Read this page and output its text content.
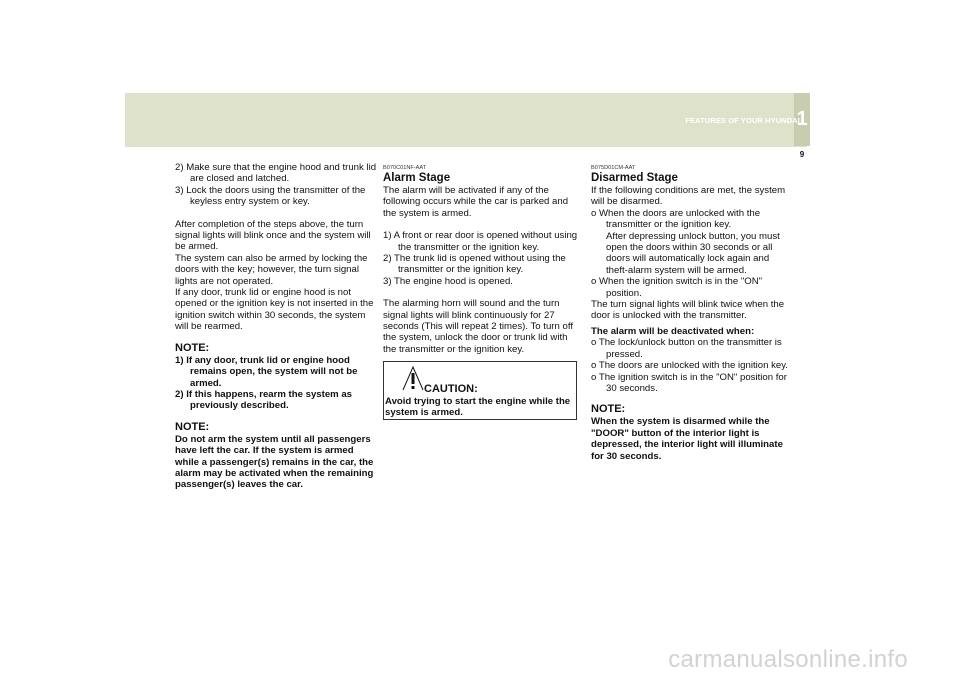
FEATURES OF YOUR HYUNDAI
1
9

2) Make sure that the engine hood and trunk lid are closed and latched.

3) Lock the doors using the transmitter of the keyless entry system or key.

After completion of the steps above, the turn signal lights will blink once and the system will be armed.

The system can also be armed by locking the doors with the key; however, the turn signal lights are not operated.

If any door, trunk lid or engine hood is not opened or the ignition key is not inserted in the ignition switch within 30 seconds, the system will be rearmed.

NOTE:

1) If any door, trunk lid or engine hood remains open, the system will not be armed.

2) If this happens, rearm the system as previously described.

NOTE:

Do not arm the system until all passengers have left the car. If the system is armed while a passenger(s) remains in the car, the alarm may be activated when the remaining passenger(s) leaves the car.

B070C01NF-AAT

Alarm Stage

The alarm will be activated if any of the following occurs while the car is parked and the system is armed.

1) A front or rear door is opened without using the transmitter or the ignition key.

2) The trunk lid is opened without using the transmitter or the ignition key.

3) The engine hood is opened.

The alarming horn will sound and the turn signal lights will blink continuously for 27 seconds (This will repeat 2 times). To turn off the system, unlock the door or trunk lid with the transmitter or the ignition key.

CAUTION:
Avoid trying to start the engine while the system is armed.

B075D01CM-AAT

Disarmed Stage

If the following conditions are met, the system will be disarmed.

o When the doors are unlocked with the transmitter or the ignition key.

After depressing unlock button, you must open the doors within 30 seconds or all doors will automatically lock again and theft-alarm system will be armed.

o When the ignition switch is in the "ON" position.

The turn signal lights will blink twice when the door is unlocked with the transmitter.

The alarm will be deactivated when:

o The lock/unlock button on the transmitter is pressed.

o The doors are unlocked with the ignition key.

o The ignition switch is in the "ON" position for 30 seconds.

NOTE:

When the system is disarmed while the "DOOR" button of the interior light is depressed, the interior light will illuminate for 30 seconds.

carmanualsonline.info
